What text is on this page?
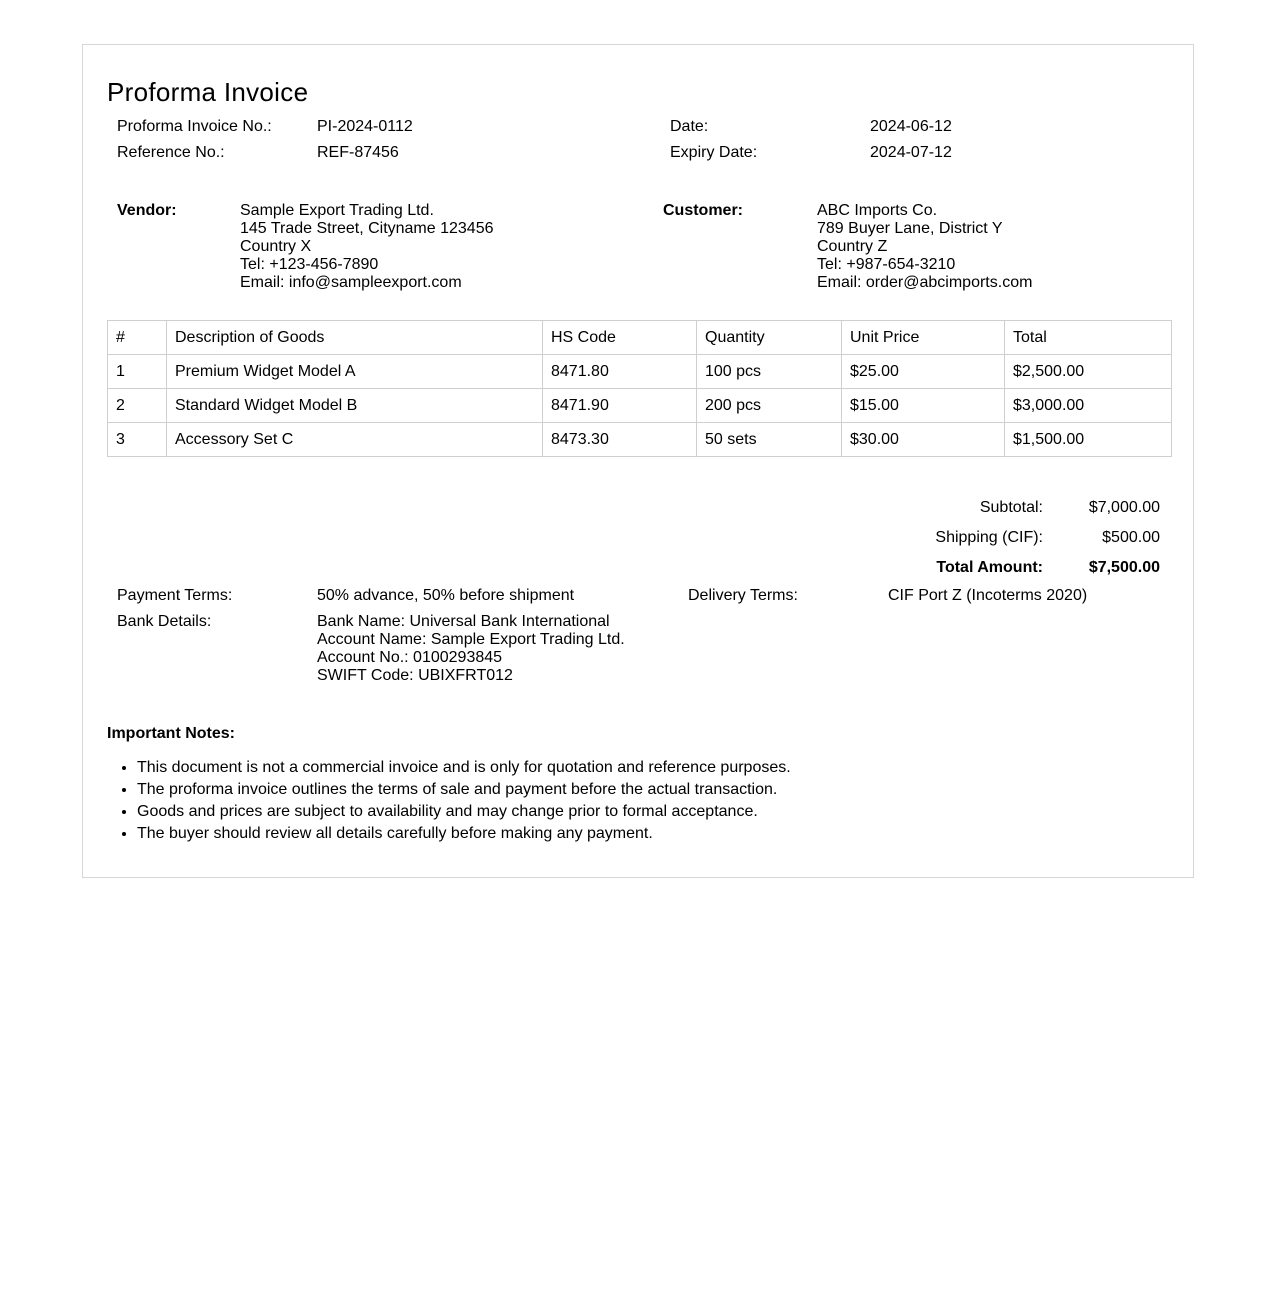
Proforma Invoice
Proforma Invoice No.:	PI-2024-0112
Reference No.:	REF-87456
Date:	2024-06-12
Expiry Date:	2024-07-12
Vendor:	Sample Export Trading Ltd.
145 Trade Street, Cityname 123456
Country X
Tel: +123-456-7890
Email: info@sampleexport.com
Customer:	ABC Imports Co.
789 Buyer Lane, District Y
Country Z
Tel: +987-654-3210
Email: order@abcimports.com
#	Description of Goods	HS Code	Quantity	Unit Price	Total
1	Premium Widget Model A	8471.80	100 pcs	$25.00	$2,500.00
2	Standard Widget Model B	8471.90	200 pcs	$15.00	$3,000.00
3	Accessory Set C	8473.30	50 sets	$30.00	$1,500.00
Subtotal:	$7,000.00
Shipping (CIF):	$500.00
Total Amount:	$7,500.00
Payment Terms:	50% advance, 50% before shipment	Delivery Terms:	CIF Port Z (Incoterms 2020)
Bank Details:	Bank Name: Universal Bank International
Account Name: Sample Export Trading Ltd.
Account No.: 0100293845
SWIFT Code: UBIXFRT012
Important Notes:
• This document is not a commercial invoice and is only for quotation and reference purposes.
• The proforma invoice outlines the terms of sale and payment before the actual transaction.
• Goods and prices are subject to availability and may change prior to formal acceptance.
• The buyer should review all details carefully before making any payment.
